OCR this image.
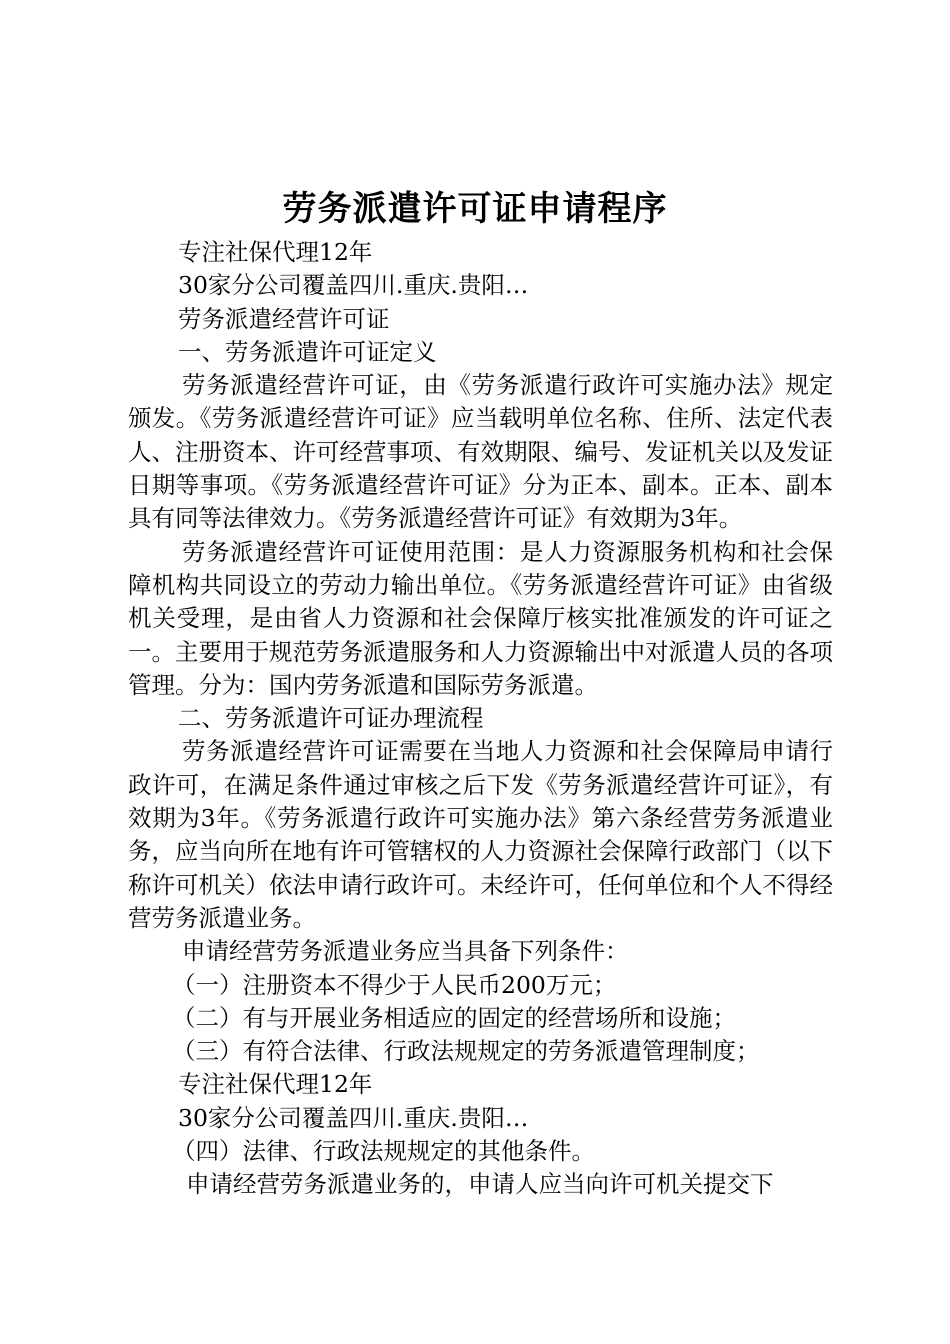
劳务派遣许可证申请程序

专注社保代理12年

30家分公司覆盖四川.重庆.贵阳…

劳务派遣经营许可证

一、劳务派遣许可证定义

劳务派遣经营许可证，由《劳务派遣行政许可实施办法》规定颁发。《劳务派遣经营许可证》应当载明单位名称、住所、法定代表人、注册资本、许可经营事项、有效期限、编号、发证机关以及发证日期等事项。《劳务派遣经营许可证》分为正本、副本。正本、副本具有同等法律效力。《劳务派遣经营许可证》有效期为3年。

劳务派遣经营许可证使用范围：是人力资源服务机构和社会保障机构共同设立的劳动力输出单位。《劳务派遣经营许可证》由省级机关受理，是由省人力资源和社会保障厅核实批准颁发的许可证之一。主要用于规范劳务派遣服务和人力资源输出中对派遣人员的各项管理。分为：国内劳务派遣和国际劳务派遣。

二、劳务派遣许可证办理流程

劳务派遣经营许可证需要在当地人力资源和社会保障局申请行政许可，在满足条件通过审核之后下发《劳务派遣经营许可证》，有效期为3年。《劳务派遣行政许可实施办法》第六条经营劳务派遣业务，应当向所在地有许可管辖权的人力资源社会保障行政部门（以下称许可机关）依法申请行政许可。未经许可，任何单位和个人不得经营劳务派遣业务。

申请经营劳务派遣业务应当具备下列条件：

（一）注册资本不得少于人民币200万元；

（二）有与开展业务相适应的固定的经营场所和设施；

（三）有符合法律、行政法规规定的劳务派遣管理制度；

专注社保代理12年

30家分公司覆盖四川.重庆.贵阳…

（四）法律、行政法规规定的其他条件。

申请经营劳务派遣业务的，申请人应当向许可机关提交下
